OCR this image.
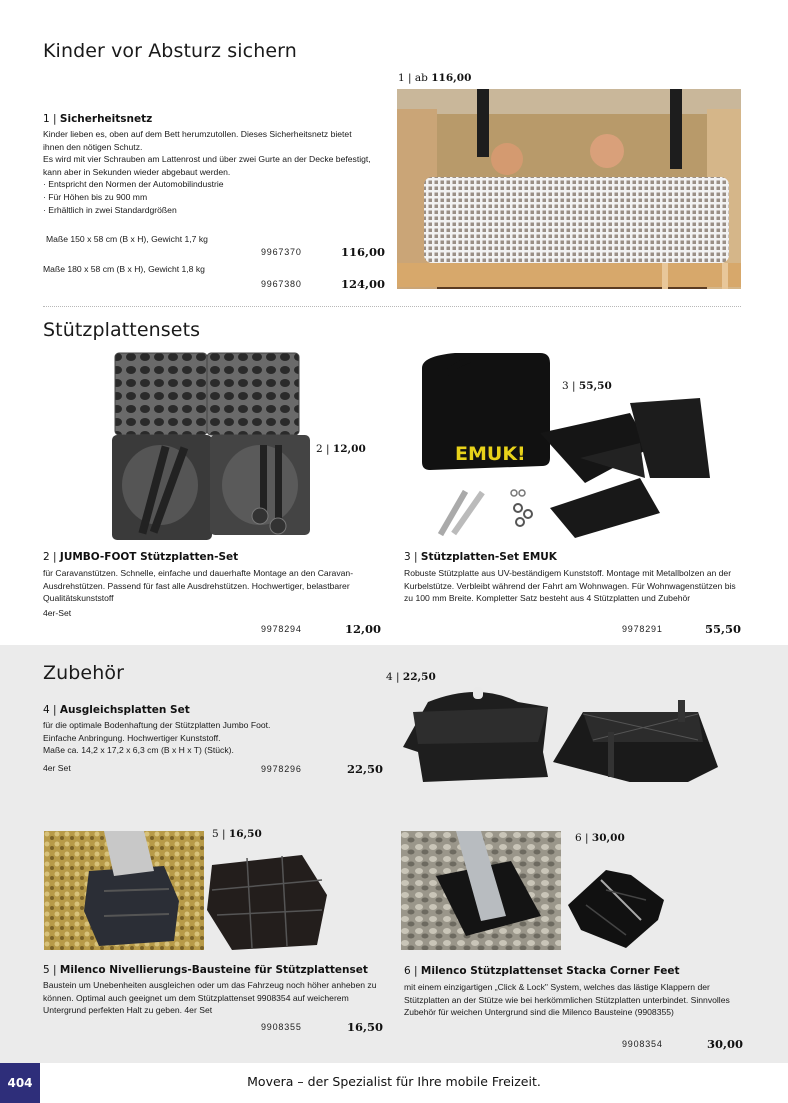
Kinder vor Absturz sichern
1 | ab 116,00
1 | Sicherheitsnetz
Kinder lieben es, oben auf dem Bett herumzutollen. Dieses Sicherheitsnetz bietet ihnen den nötigen Schutz.
Es wird mit vier Schrauben am Lattenrost und über zwei Gurte an der Decke befestigt, kann aber in Sekunden wieder abgebaut werden.
· Entspricht den Normen der Automobilindustrie
· Für Höhen bis zu 900 mm
· Erhältlich in zwei Standardgrößen
Maße 150 x 58 cm (B x H), Gewicht 1,7 kg
9967370	116,00
Maße 180 x 58 cm (B x H), Gewicht 1,8 kg
9967380	124,00
Stützplattensets
2 | 12,00	EMUK!
3 | 55,50
2 | JUMBO-FOOT Stützplatten-Set
für Caravanstützen. Schnelle, einfache und dauerhafte Montage an den Caravan- Ausdrehstützen. Passend für fast alle Ausdrehstützen. Hochwertiger, belastbarer Qualitätskunststoff
4er-Set
9978294	12,00
3 | Stützplatten-Set EMUK
Robuste Stützplatte aus UV-beständigem Kunststoff. Montage mit Metallbolzen an der Kurbelstütze. Verbleibt während der Fahrt am Wohnwagen. Für Wohnwagenstützen bis zu 100 mm Breite. Kompletter Satz besteht aus 4 Stützplatten und Zubehör
9978291	55,50
Zubehör	4 | 22,50
4 | Ausgleichsplatten Set
für die optimale Bodenhaftung der Stützplatten Jumbo Foot.
Einfache Anbringung. Hochwertiger Kunststoff.
Maße ca. 14,2 x 17,2 x 6,3 cm (B x H x T) (Stück).
4er Set	9978296	22,50
5 | 16,50	6 | 30,00
5 | Milenco Nivellierungs-Bausteine für Stützplattenset
Baustein um Unebenheiten ausgleichen oder um das Fahrzeug noch höher anheben zu können. Optimal auch geeignet um dem Stützplattenset 9908354 auf weicherem Untergrund perfekten Halt zu geben. 4er Set
9908355	16,50
6 | Milenco Stützplattenset Stacka Corner Feet
mit einem einzigartigen „Click & Lock" System, welches das lästige Klappern der Stützplatten an der Stütze wie bei herkömmlichen Stützplatten unterbindet. Sinnvolles Zubehör für weichen Untergrund sind die Milenco Bausteine (9908355)
9908354	30,00
404	Movera – der Spezialist für Ihre mobile Freizeit.
